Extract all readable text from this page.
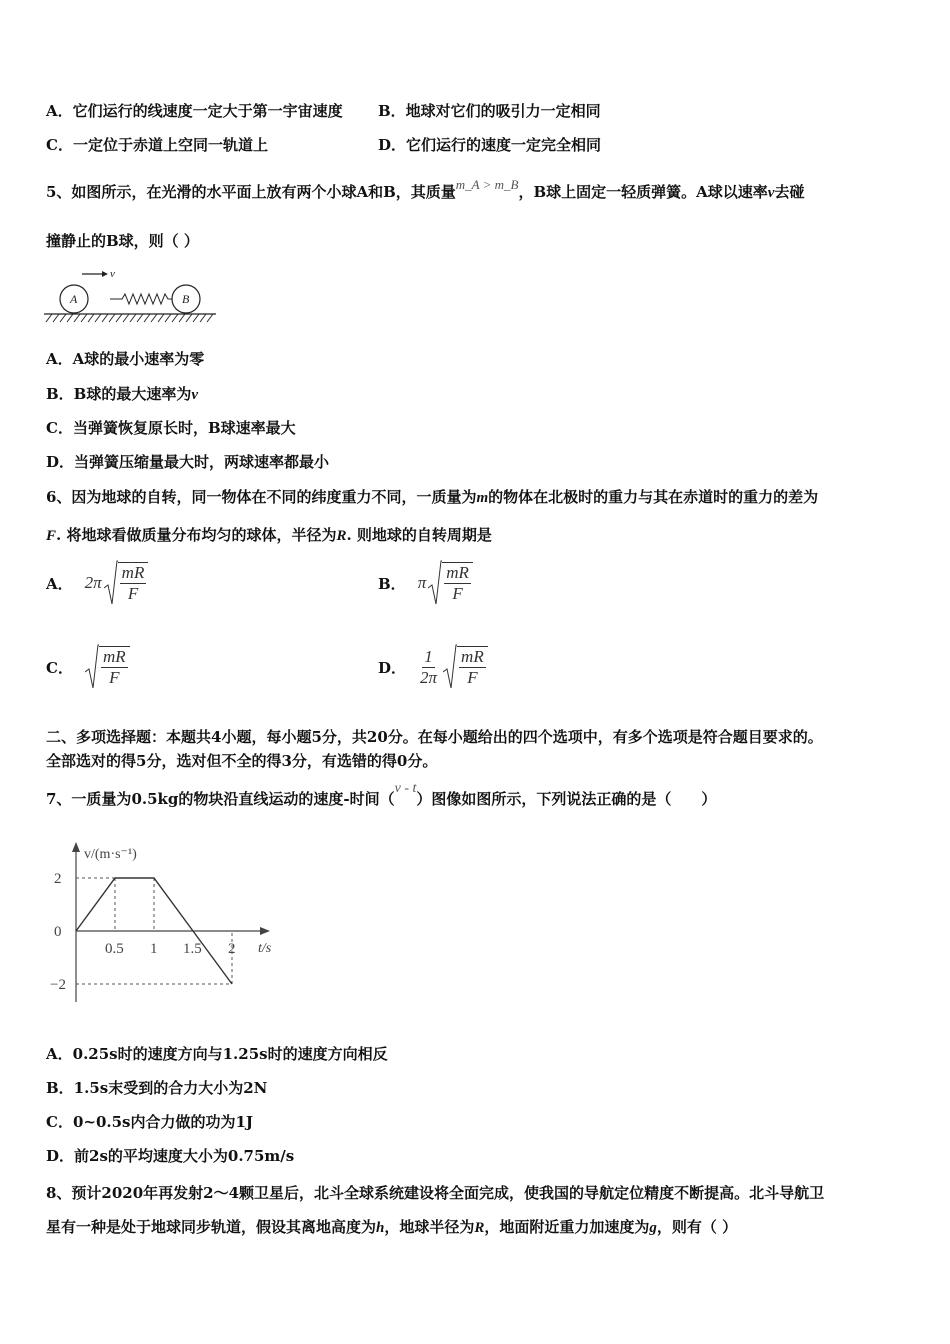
A．它们运行的线速度一定大于第一宇宙速度 B．地球对它们的吸引力一定相同
C．一定位于赤道上空同一轨道上	D．它们运行的速度一定完全相同
5、如图所示，在光滑的水平面上放有两个小球A和B，其质量m_A > m_B，B球上固定一轻质弹簧。A球以速率v去碰
撞静止的B球，则（ ）
v
A	B
A．A球的最小速率为零
B．B球的最大速率为v
C．当弹簧恢复原长时，B球速率最大
D．当弹簧压缩量最大时，两球速率都最小
6、因为地球的自转，同一物体在不同的纬度重力不同，一质量为m的物体在北极时的重力与其在赤道时的重力的差为
F. 将地球看做质量分布均匀的球体，半径为R. 则地球的自转周期是
A． $2\pi \frac{mR}{F}$	B． π $\frac{mR}{F}$
C． $\frac{mR}{F}$	D． $\frac{1}{2\pi} \frac{mR}{F}$
二、多项选择题：本题共4小题，每小题5分，共20分。在每小题给出的四个选项中，有多个选项是符合题目要求的。
全部选对的得5分，选对但不全的得3分，有选错的得0分。
7、一质量为0.5kg的物块沿直线运动的速度-时间（v - t）图像如图所示，下列说法正确的是（　　）
v/(m·s⁻¹)
t/s
0.5 1 1.5 2
2
0
−2
A．0.25s时的速度方向与1.25s时的速度方向相反
B．1.5s末受到的合力大小为2N
C．0~0.5s内合力做的功为1J
D．前2s的平均速度大小为0.75m/s
8、预计2020年再发射2～4颗卫星后，北斗全球系统建设将全面完成，使我国的导航定位精度不断提高。北斗导航卫
星有一种是处于地球同步轨道，假设其离地高度为h，地球半径为R，地面附近重力加速度为g，则有（ ）
